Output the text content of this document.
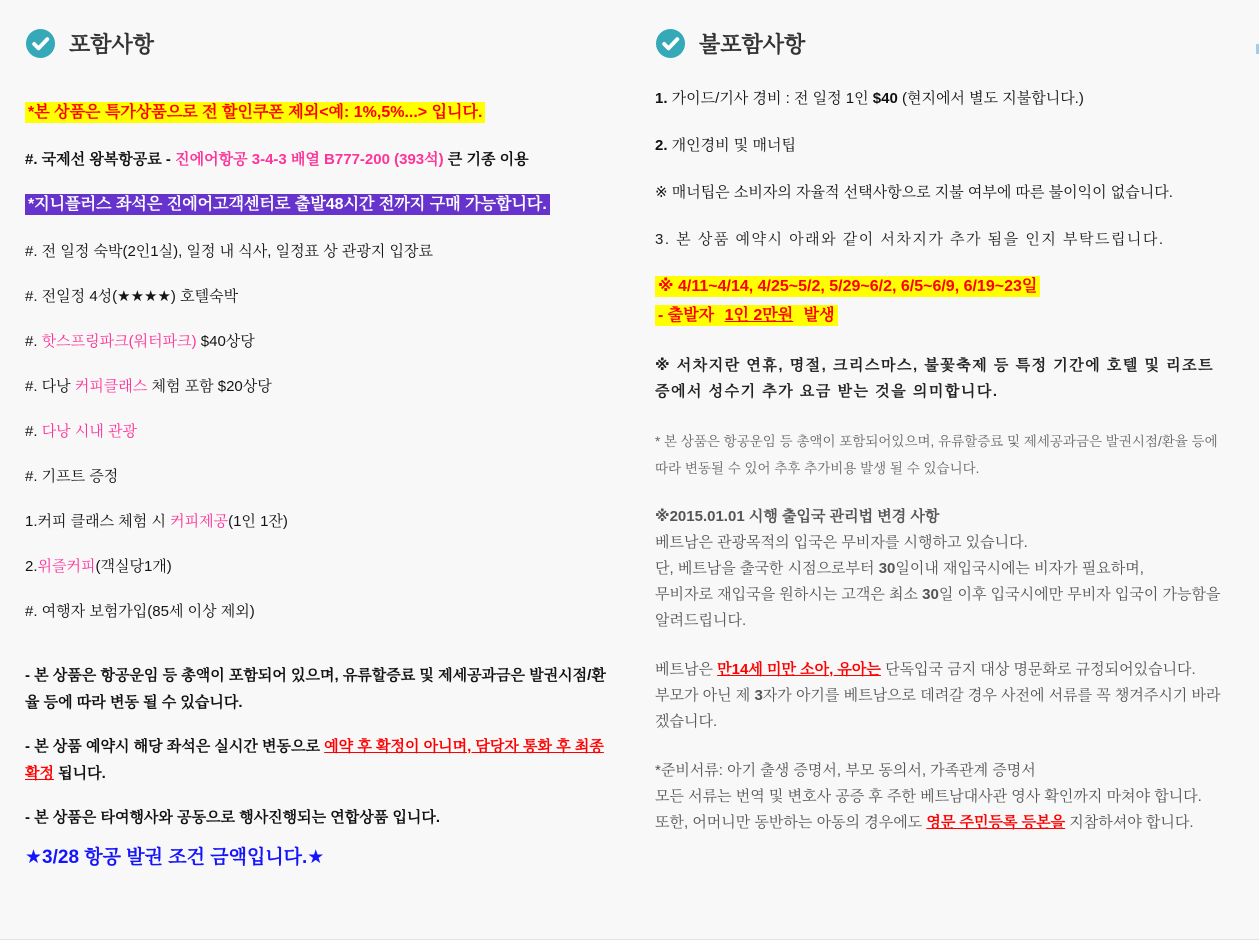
포함사항
*본 상품은 특가상품으로 전 할인쿠폰 제외<예: 1%,5%...> 입니다.
#. 국제선 왕복항공료 - 진에어항공 3-4-3 배열 B777-200 (393석) 큰 기종 이용
*지니플러스 좌석은 진에어고객센터로 출발48시간 전까지 구매 가능합니다.
#. 전 일정 숙박(2인1실), 일정 내 식사, 일정표 상 관광지 입장료
#. 전일정 4성(★★★★) 호텔숙박
#. 핫스프링파크(워터파크) $40상당
#. 다낭 커피클래스 체험 포함 $20상당
#. 다낭 시내 관광
#. 기프트 증정
1.커피 클래스 체험 시 커피제공(1인 1잔)
2.위즐커피(객실당1개)
#. 여행자 보험가입(85세 이상 제외)
- 본 상품은 항공운임 등 총액이 포함되어 있으며, 유류할증료 및 제세공과금은 발권시점/환율 등에 따라 변동 될 수 있습니다.
- 본 상품 예약시 해당 좌석은 실시간 변동으로 예약 후 확정이 아니며, 담당자 통화 후 최종 확정 됩니다.
- 본 상품은 타여행사와 공동으로 행사진행되는 연합상품 입니다.
★3/28 항공 발권 조건 금액입니다.★
불포함사항
1. 가이드/기사 경비 : 전 일정 1인 $40 (현지에서 별도 지불합니다.)
2. 개인경비 및 매너팁
※ 매너팁은 소비자의 자율적 선택사항으로 지불 여부에 따른 불이익이 없습니다.
3. 본 상품 예약시 아래와 같이 서차지가 추가 됨을 인지 부탁드립니다.
※ 4/11~4/14, 4/25~5/2, 5/29~6/2, 6/5~6/9, 6/19~23일
- 출발자 1인 2만원 발생
※ 서차지란 연휴, 명절, 크리스마스, 불꽃축제 등 특정 기간에 호텔 및 리조트 증에서 성수기 추가 요금 받는 것을 의미합니다.
* 본 상품은 항공운임 등 총액이 포함되어있으며, 유류할증료 및 제세공과금은 발권시점/환율 등에 따라 변동될 수 있어 추후 추가비용 발생 될 수 있습니다.
※2015.01.01 시행 출입국 관리법 변경 사항
베트남은 관광목적의 입국은 무비자를 시행하고 있습니다.
단, 베트남을 출국한 시점으로부터 30일이내 재입국시에는 비자가 필요하며,
무비자로 재입국을 원하시는 고객은 최소 30일 이후 입국시에만 무비자 입국이 가능함을 알려드립니다.
베트남은 만14세 미만 소아, 유아는 단독입국 금지 대상 명문화로 규정되어있습니다.
부모가 아닌 제 3자가 아기를 베트남으로 데려갈 경우 사전에 서류를 꼭 챙겨주시기 바라겠습니다.
*준비서류: 아기 출생 증명서, 부모 동의서, 가족관계 증명서
모든 서류는 번역 및 변호사 공증 후 주한 베트남대사관 영사 확인까지 마쳐야 합니다.
또한, 어머니만 동반하는 아동의 경우에도 영문 주민등록 등본을 지참하셔야 합니다.
